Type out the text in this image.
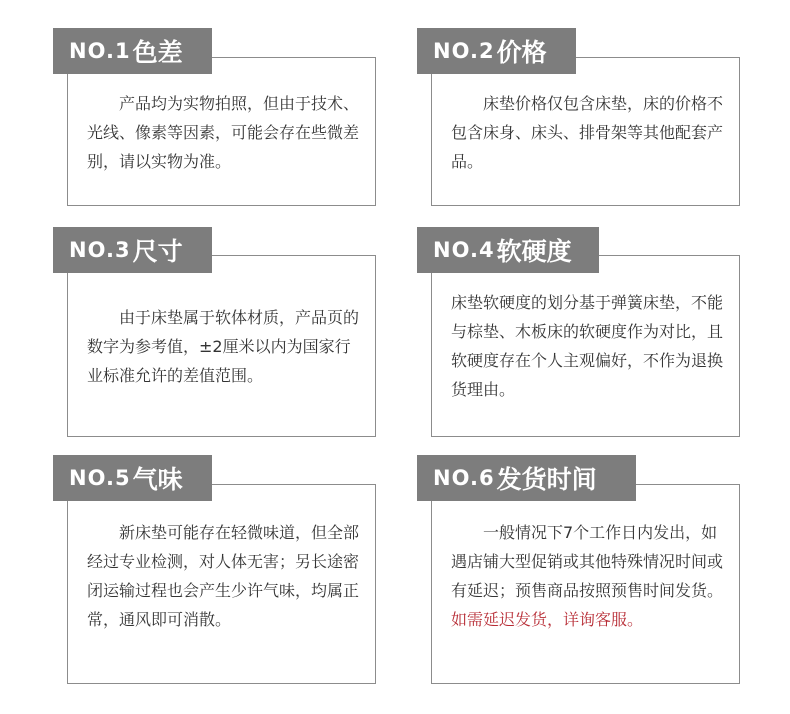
NO.1 色差

产品均为实物拍照，但由于技术、光线、像素等因素，可能会存在些微差别，请以实物为准。

NO.2 价格

床垫价格仅包含床垫，床的价格不包含床身、床头、排骨架等其他配套产品。

NO.3 尺寸

由于床垫属于软体材质，产品页的数字为参考值，±2厘米以内为国家行业标准允许的差值范围。

NO.4 软硬度

床垫软硬度的划分基于弹簧床垫，不能与棕垫、木板床的软硬度作为对比，且软硬度存在个人主观偏好，不作为退换货理由。

NO.5 气味

新床垫可能存在轻微味道，但全部经过专业检测，对人体无害；另长途密闭运输过程也会产生少许气味，均属正常，通风即可消散。

NO.6 发货时间

一般情况下7个工作日内发出，如遇店铺大型促销或其他特殊情况时间或有延迟；预售商品按照预售时间发货。如需延迟发货，详询客服。
